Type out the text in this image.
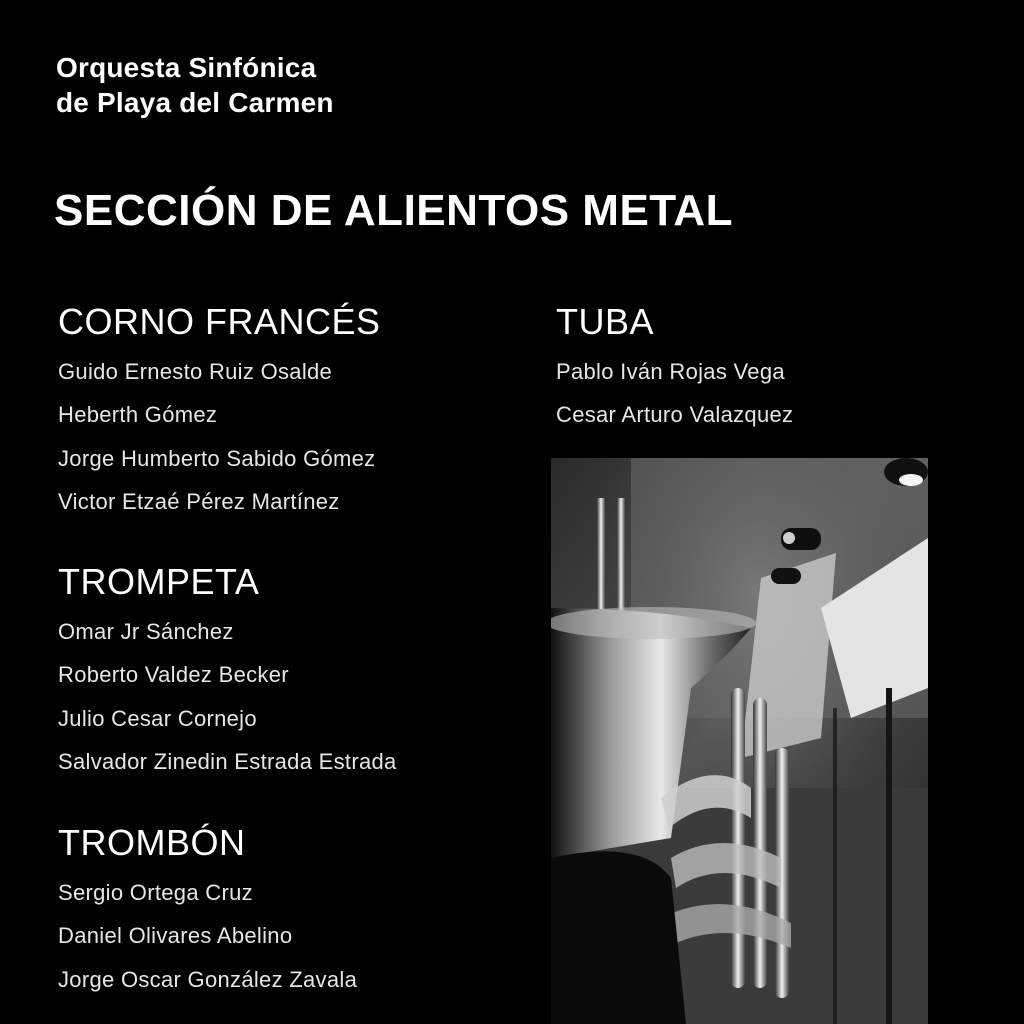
Orquesta Sinfónica
de Playa del Carmen
SECCIÓN DE ALIENTOS METAL
CORNO FRANCÉS
Guido Ernesto Ruiz Osalde
Heberth Gómez
Jorge Humberto Sabido Gómez
Victor Etzaé Pérez Martínez
TROMPETA
Omar Jr Sánchez
Roberto Valdez Becker
Julio Cesar Cornejo
Salvador Zinedin Estrada Estrada
TROMBÓN
Sergio Ortega Cruz
Daniel Olivares Abelino
Jorge Oscar González Zavala
TUBA
Pablo Iván Rojas Vega
Cesar Arturo Valazquez
